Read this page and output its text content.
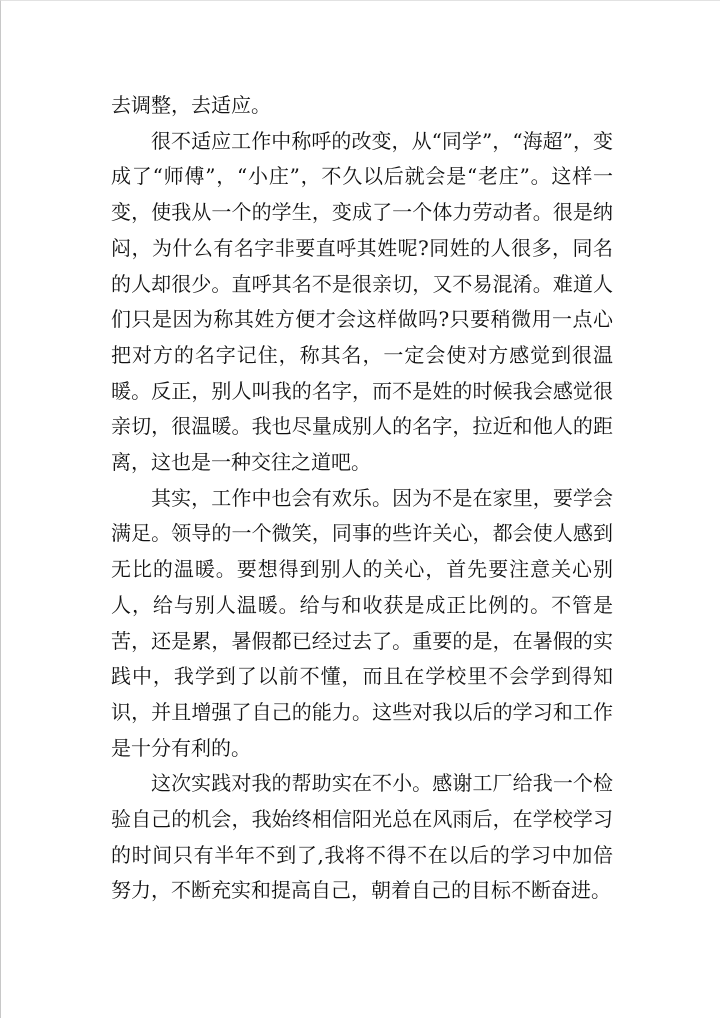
去调整，去适应。

很不适应工作中称呼的改变，从“同学”，“海超”，变成了“师傅”，“小庄”，不久以后就会是“老庄”。这样一变，使我从一个的学生，变成了一个体力劳动者。很是纳闷，为什么有名字非要直呼其姓呢?同姓的人很多，同名的人却很少。直呼其名不是很亲切，又不易混淆。难道人们只是因为称其姓方便才会这样做吗?只要稍微用一点心把对方的名字记住，称其名，一定会使对方感觉到很温暖。反正，别人叫我的名字，而不是姓的时候我会感觉很亲切，很温暖。我也尽量成别人的名字，拉近和他人的距离，这也是一种交往之道吧。

其实，工作中也会有欢乐。因为不是在家里，要学会满足。领导的一个微笑，同事的些许关心，都会使人感到无比的温暖。要想得到别人的关心，首先要注意关心别人，给与别人温暖。给与和收获是成正比例的。不管是苦，还是累，暑假都已经过去了。重要的是，在暑假的实践中，我学到了以前不懂，而且在学校里不会学到得知识，并且增强了自己的能力。这些对我以后的学习和工作是十分有利的。

这次实践对我的帮助实在不小。感谢工厂给我一个检验自己的机会，我始终相信阳光总在风雨后，在学校学习的时间只有半年不到了,我将不得不在以后的学习中加倍努力，不断充实和提高自己，朝着自己的目标不断奋进。
